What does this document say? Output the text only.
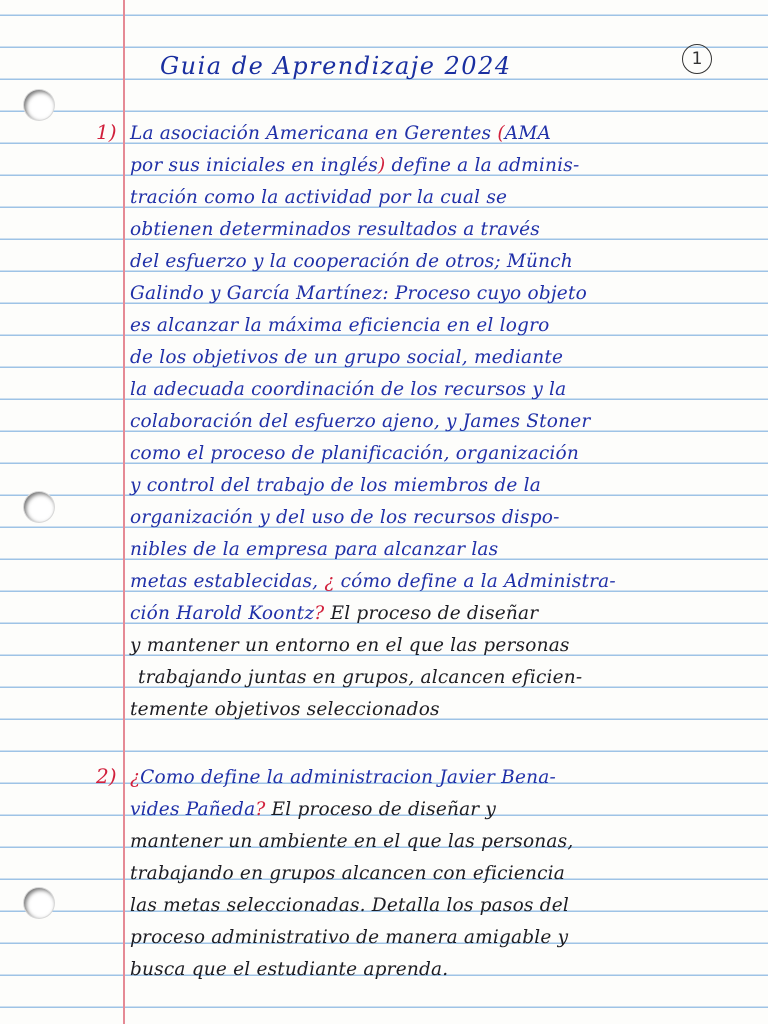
1
Guia de Aprendizaje 2024
1) La asociación Americana en Gerentes (AMA
por sus iniciales en inglés) define a la adminis-
tración como la actividad por la cual se
obtienen determinados resultados a través
del esfuerzo y la cooperación de otros; Münch
Galindo y García Martínez: Proceso cuyo objeto
es alcanzar la máxima eficiencia en el logro
de los objetivos de un grupo social, mediante
la adecuada coordinación de los recursos y la
colaboración del esfuerzo ajeno, y James Stoner
como el proceso de planificación, organización
y control del trabajo de los miembros de la
organización y del uso de los recursos dispo-
nibles de la empresa para alcanzar las
metas establecidas, ¿ cómo define a la Administra-
ción Harold Koontz? El proceso de diseñar
y mantener un entorno en el que las personas
trabajando juntas en grupos, alcancen eficien-
temente objetivos seleccionados
2) ¿Como define la administracion Javier Bena-
vides Pañeda? El proceso de diseñar y
mantener un ambiente en el que las personas,
trabajando en grupos alcancen con eficiencia
las metas seleccionadas. Detalla los pasos del
proceso administrativo de manera amigable y
busca que el estudiante aprenda.
